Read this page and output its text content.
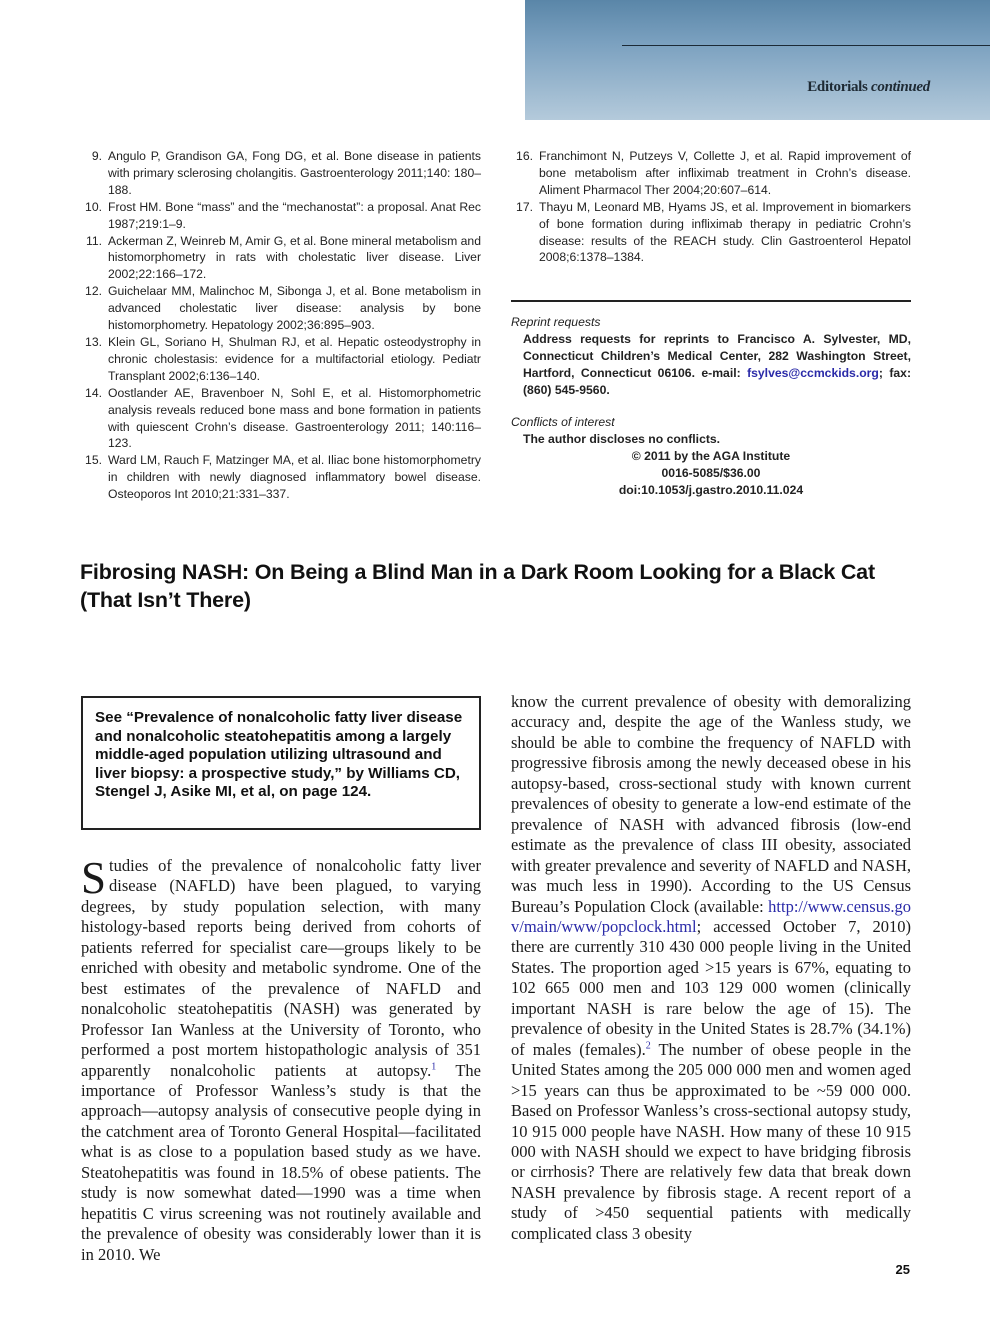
Editorials continued
9. Angulo P, Grandison GA, Fong DG, et al. Bone disease in patients with primary sclerosing cholangitis. Gastroenterology 2011;140: 180–188.
10. Frost HM. Bone “mass” and the “mechanostat”: a proposal. Anat Rec 1987;219:1–9.
11. Ackerman Z, Weinreb M, Amir G, et al. Bone mineral metabolism and histomorphometry in rats with cholestatic liver disease. Liver 2002;22:166–172.
12. Guichelaar MM, Malinchoc M, Sibonga J, et al. Bone metabolism in advanced cholestatic liver disease: analysis by bone histomorphometry. Hepatology 2002;36:895–903.
13. Klein GL, Soriano H, Shulman RJ, et al. Hepatic osteodystrophy in chronic cholestasis: evidence for a multifactorial etiology. Pediatr Transplant 2002;6:136–140.
14. Oostlander AE, Bravenboer N, Sohl E, et al. Histomorphometric analysis reveals reduced bone mass and bone formation in patients with quiescent Crohn’s disease. Gastroenterology 2011; 140:116–123.
15. Ward LM, Rauch F, Matzinger MA, et al. Iliac bone histomorphometry in children with newly diagnosed inflammatory bowel disease. Osteoporos Int 2010;21:331–337.
16. Franchimont N, Putzeys V, Collette J, et al. Rapid improvement of bone metabolism after infliximab treatment in Crohn’s disease. Aliment Pharmacol Ther 2004;20:607–614.
17. Thayu M, Leonard MB, Hyams JS, et al. Improvement in biomarkers of bone formation during infliximab therapy in pediatric Crohn’s disease: results of the REACH study. Clin Gastroenterol Hepatol 2008;6:1378–1384.
Reprint requests
Address requests for reprints to Francisco A. Sylvester, MD, Connecticut Children’s Medical Center, 282 Washington Street, Hartford, Connecticut 06106. e-mail: fsylves@ccmckids.org; fax: (860) 545-9560.
Conflicts of interest
The author discloses no conflicts.
© 2011 by the AGA Institute
0016-5085/$36.00
doi:10.1053/j.gastro.2010.11.024
Fibrosing NASH: On Being a Blind Man in a Dark Room Looking for a Black Cat (That Isn’t There)
See “Prevalence of nonalcoholic fatty liver disease and nonalcoholic steatohepatitis among a largely middle-aged population utilizing ultrasound and liver biopsy: a prospective study,” by Williams CD, Stengel J, Asike MI, et al, on page 124.
Studies of the prevalence of nonalcoholic fatty liver disease (NAFLD) have been plagued, to varying degrees, by study population selection, with many histology-based reports being derived from cohorts of patients referred for specialist care—groups likely to be enriched with obesity and metabolic syndrome. One of the best estimates of the prevalence of NAFLD and nonalcoholic steatohepatitis (NASH) was generated by Professor Ian Wanless at the University of Toronto, who performed a post mortem histopathologic analysis of 351 apparently nonalcoholic patients at autopsy.$^1$ The importance of Professor Wanless’s study is that the approach—autopsy analysis of consecutive people dying in the catchment area of Toronto General Hospital—facilitated what is as close to a population based study as we have. Steatohepatitis was found in 18.5% of obese patients. The study is now somewhat dated—1990 was a time when hepatitis C virus screening was not routinely available and the prevalence of obesity was considerably lower than it is in 2010. We
know the current prevalence of obesity with demoralizing accuracy and, despite the age of the Wanless study, we should be able to combine the frequency of NAFLD with progressive fibrosis among the newly deceased obese in his autopsy-based, cross-sectional study with known current prevalences of obesity to generate a low-end estimate of the prevalence of NASH with advanced fibrosis (low-end estimate as the prevalence of class III obesity, associated with greater prevalence and severity of NAFLD and NASH, was much less in 1990). According to the US Census Bureau’s Population Clock (available: http://www.census.gov/main/www/popclock.html; accessed October 7, 2010) there are currently 310 430 000 people living in the United States. The proportion aged >15 years is 67%, equating to 102 665 000 men and 103 129 000 women (clinically important NASH is rare below the age of 15). The prevalence of obesity in the United States is 28.7% (34.1%) of males (females).$^2$ The number of obese people in the United States among the 205 000 000 men and women aged >15 years can thus be approximated to be ~59 000 000. Based on Professor Wanless’s cross-sectional autopsy study, 10 915 000 people have NASH. How many of these 10 915 000 with NASH should we expect to have bridging fibrosis or cirrhosis? There are relatively few data that break down NASH prevalence by fibrosis stage. A recent report of a study of >450 sequential patients with medically complicated class 3 obesity
25
